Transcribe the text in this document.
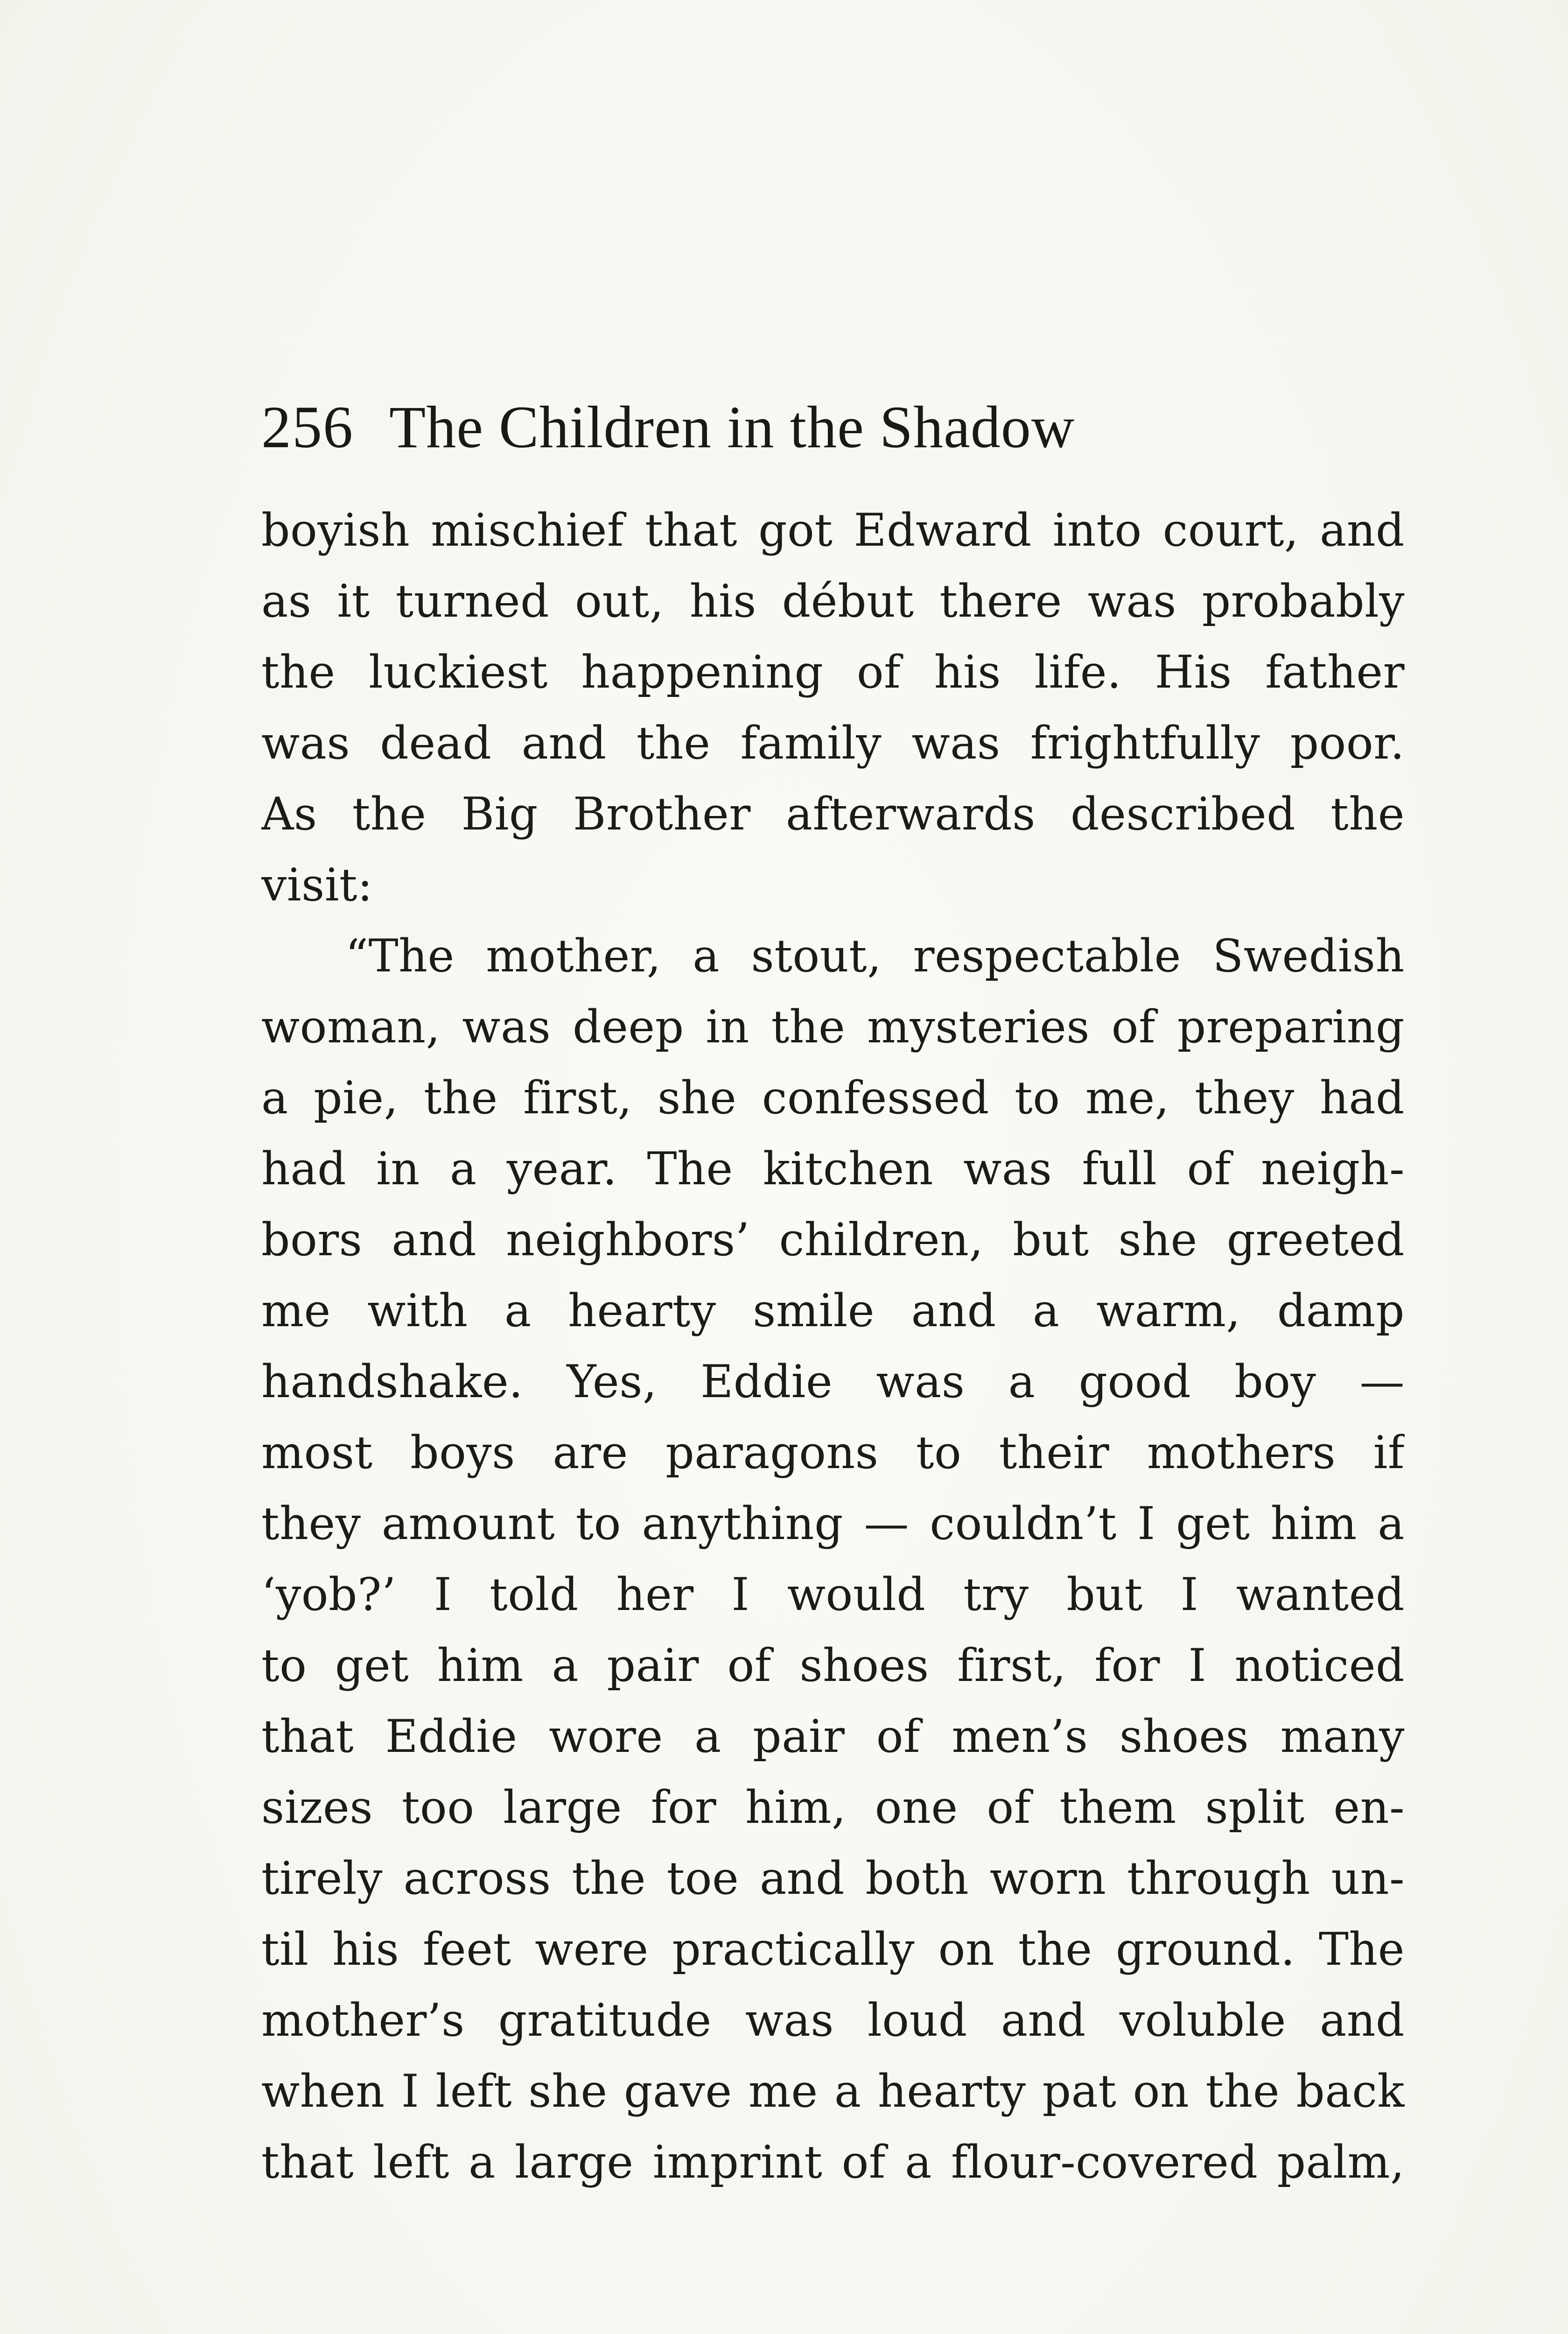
256 The Children in the Shadow
boyish mischief that got Edward into court, and
as it turned out, his début there was probably
the luckiest happening of his life. His father
was dead and the family was frightfully poor.
As the Big Brother afterwards described the
visit:
“The mother, a stout, respectable Swedish
woman, was deep in the mysteries of preparing
a pie, the first, she confessed to me, they had
had in a year. The kitchen was full of neigh-
bors and neighbors’ children, but she greeted
me with a hearty smile and a warm, damp
handshake. Yes, Eddie was a good boy —
most boys are paragons to their mothers if
they amount to anything — couldn’t I get him a
‘yob?’ I told her I would try but I wanted
to get him a pair of shoes first, for I noticed
that Eddie wore a pair of men’s shoes many
sizes too large for him, one of them split en-
tirely across the toe and both worn through un-
til his feet were practically on the ground. The
mother’s gratitude was loud and voluble and
when I left she gave me a hearty pat on the back
that left a large imprint of a flour-covered palm,
